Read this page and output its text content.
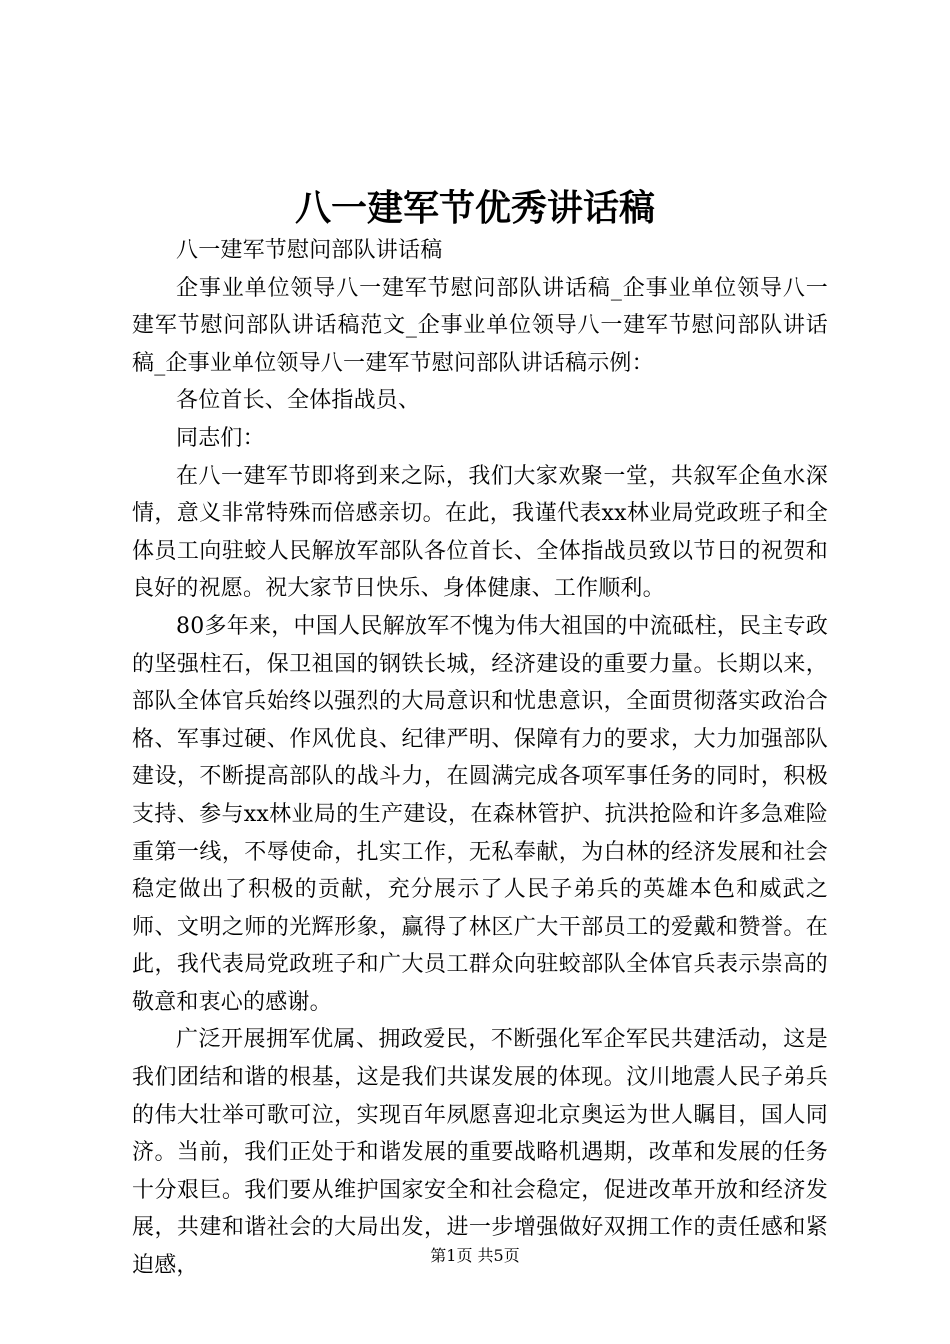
八一建军节优秀讲话稿

八一建军节慰问部队讲话稿

企事业单位领导八一建军节慰问部队讲话稿_企事业单位领导八一建军节慰问部队讲话稿范文_企事业单位领导八一建军节慰问部队讲话稿_企事业单位领导八一建军节慰问部队讲话稿示例：

各位首长、全体指战员、

同志们：

在八一建军节即将到来之际，我们大家欢聚一堂，共叙军企鱼水深情，意义非常特殊而倍感亲切。在此，我谨代表xx林业局党政班子和全体员工向驻蛟人民解放军部队各位首长、全体指战员致以节日的祝贺和良好的祝愿。祝大家节日快乐、身体健康、工作顺利。

80多年来，中国人民解放军不愧为伟大祖国的中流砥柱，民主专政的坚强柱石，保卫祖国的钢铁长城，经济建设的重要力量。长期以来，部队全体官兵始终以强烈的大局意识和忧患意识，全面贯彻落实政治合格、军事过硬、作风优良、纪律严明、保障有力的要求，大力加强部队建设，不断提高部队的战斗力，在圆满完成各项军事任务的同时，积极支持、参与xx林业局的生产建设，在森林管护、抗洪抢险和许多急难险重第一线，不辱使命，扎实工作，无私奉献，为白林的经济发展和社会稳定做出了积极的贡献，充分展示了人民子弟兵的英雄本色和威武之师、文明之师的光辉形象，赢得了林区广大干部员工的爱戴和赞誉。在此，我代表局党政班子和广大员工群众向驻蛟部队全体官兵表示崇高的敬意和衷心的感谢。

广泛开展拥军优属、拥政爱民，不断强化军企军民共建活动，这是我们团结和谐的根基，这是我们共谋发展的体现。汶川地震人民子弟兵的伟大壮举可歌可泣，实现百年夙愿喜迎北京奥运为世人瞩目，国人同济。当前，我们正处于和谐发展的重要战略机遇期，改革和发展的任务十分艰巨。我们要从维护国家安全和社会稳定，促进改革开放和经济发展，共建和谐社会的大局出发，进一步增强做好双拥工作的责任感和紧迫感，	第1页 共5页
